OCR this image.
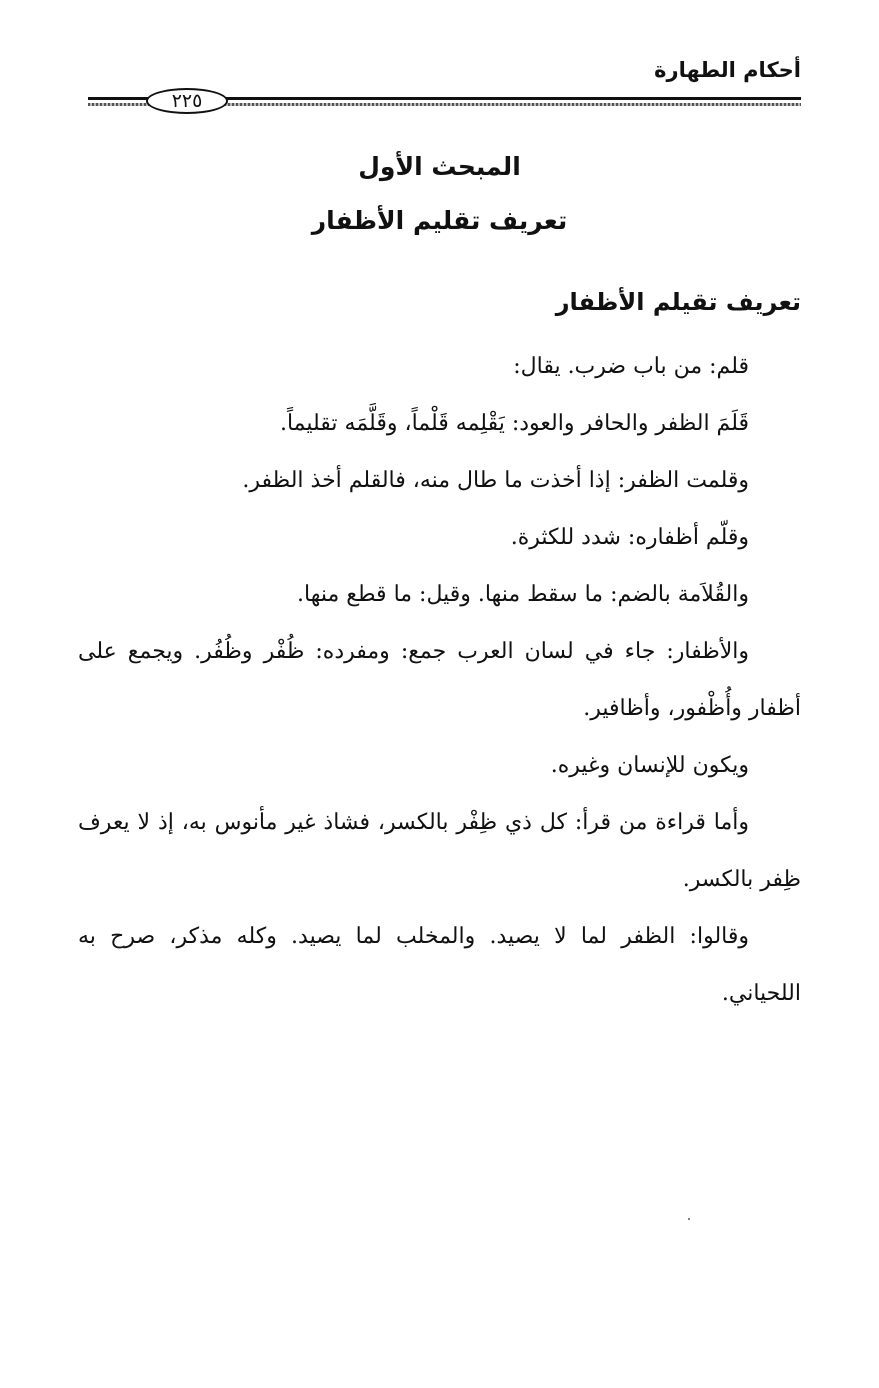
أحكام الطهارة
٢٢٥
المبحث الأول
تعريف تقليم الأظفار
تعريف تقيلم الأظفار

قلم: من باب ضرب. يقال:

قَلَمَ الظفر والحافر والعود: يَقْلِمه قَلْماً، وقَلَّمَه تقليماً.

وقلمت الظفر: إذا أخذت ما طال منه، فالقلم أخذ الظفر.

وقلّم أظفاره: شدد للكثرة.

والقُلاَمة بالضم: ما سقط منها. وقيل: ما قطع منها.

والأظفار: جاء في لسان العرب جمع: ومفرده: ظُفْر وظُفُر. ويجمع على أظفار وأُظْفور، وأظافير.

ويكون للإنسان وغيره.

وأما قراءة من قرأ: كل ذي ظِفْر بالكسر، فشاذ غير مأنوس به، إذ لا يعرف ظِفر بالكسر.

وقالوا: الظفر لما لا يصيد. والمخلب لما يصيد. وكله مذكر، صرح به اللحياني.
